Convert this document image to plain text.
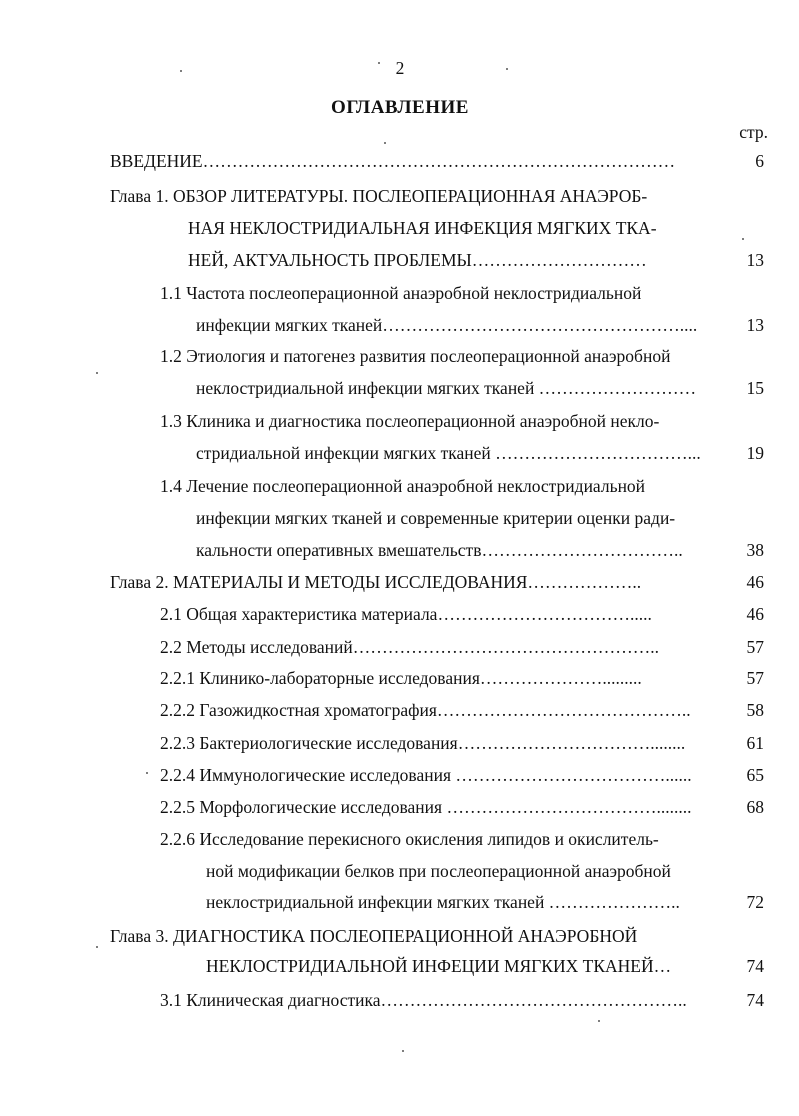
2
ОГЛАВЛЕНИЕ
стр.
ВВЕДЕНИЕ………………………………………………………………………	6
Глава 1. ОБЗОР ЛИТЕРАТУРЫ. ПОСЛЕОПЕРАЦИОННАЯ АНАЭРОБ-
НАЯ НЕКЛОСТРИДИАЛЬНАЯ ИНФЕКЦИЯ МЯГКИХ ТКА-
НЕЙ, АКТУАЛЬНОСТЬ ПРОБЛЕМЫ…………………………	13
1.1 Частота послеоперационной анаэробной неклостридиальной
инфекции мягких тканей……………………………………………....	13
1.2 Этиология и патогенез развития послеоперационной анаэробной
неклостридиальной инфекции мягких тканей ………………………	15
1.3 Клиника и диагностика послеоперационной анаэробной некло-
стридиальной инфекции мягких тканей ……………………………...	19
1.4 Лечение послеоперационной анаэробной неклостридиальной
инфекции мягких тканей и современные критерии оценки ради-
кальности оперативных вмешательств……………………………..	38
Глава 2. МАТЕРИАЛЫ И МЕТОДЫ ИССЛЕДОВАНИЯ………………..	46
2.1 Общая характеристика материала…………………………….....	46
2.2 Методы исследований……………………………………………..	57
2.2.1 Клинико-лабораторные исследования………………….........	57
2.2.2 Газожидкостная хроматография……………………………………..	58
2.2.3 Бактериологические исследования……………………………........	61
2.2.4 Иммунологические исследования ………………………………......	65
2.2.5 Морфологические исследования ………………………………........	68
2.2.6 Исследование перекисного окисления липидов и окислитель-
ной модификации белков при послеоперационной анаэробной
неклостридиальной инфекции мягких тканей …………………..	72
Глава 3. ДИАГНОСТИКА ПОСЛЕОПЕРАЦИОННОЙ АНАЭРОБНОЙ
НЕКЛОСТРИДИАЛЬНОЙ ИНФЕЦИИ МЯГКИХ ТКАНЕЙ…	74
3.1 Клиническая диагностика……………………………………………..	74
